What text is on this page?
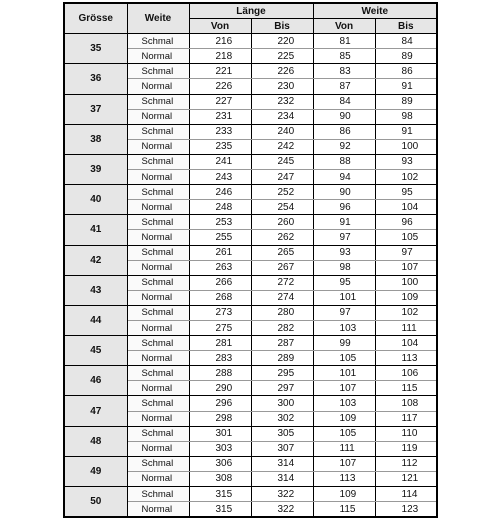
Grösse	Weite	Länge		Weite	
		Von	Bis	Von	Bis
35	Schmal	216	220	81	84
	Normal	218	225	85	89
36	Schmal	221	226	83	86
	Normal	226	230	87	91
37	Schmal	227	232	84	89
	Normal	231	234	90	98
38	Schmal	233	240	86	91
	Normal	235	242	92	100
39	Schmal	241	245	88	93
	Normal	243	247	94	102
40	Schmal	246	252	90	95
	Normal	248	254	96	104
41	Schmal	253	260	91	96
	Normal	255	262	97	105
42	Schmal	261	265	93	97
	Normal	263	267	98	107
43	Schmal	266	272	95	100
	Normal	268	274	101	109
44	Schmal	273	280	97	102
	Normal	275	282	103	111
45	Schmal	281	287	99	104
	Normal	283	289	105	113
46	Schmal	288	295	101	106
	Normal	290	297	107	115
47	Schmal	296	300	103	108
	Normal	298	302	109	117
48	Schmal	301	305	105	110
	Normal	303	307	111	119
49	Schmal	306	314	107	112
	Normal	308	314	113	121
50	Schmal	315	322	109	114
	Normal	315	322	115	123
